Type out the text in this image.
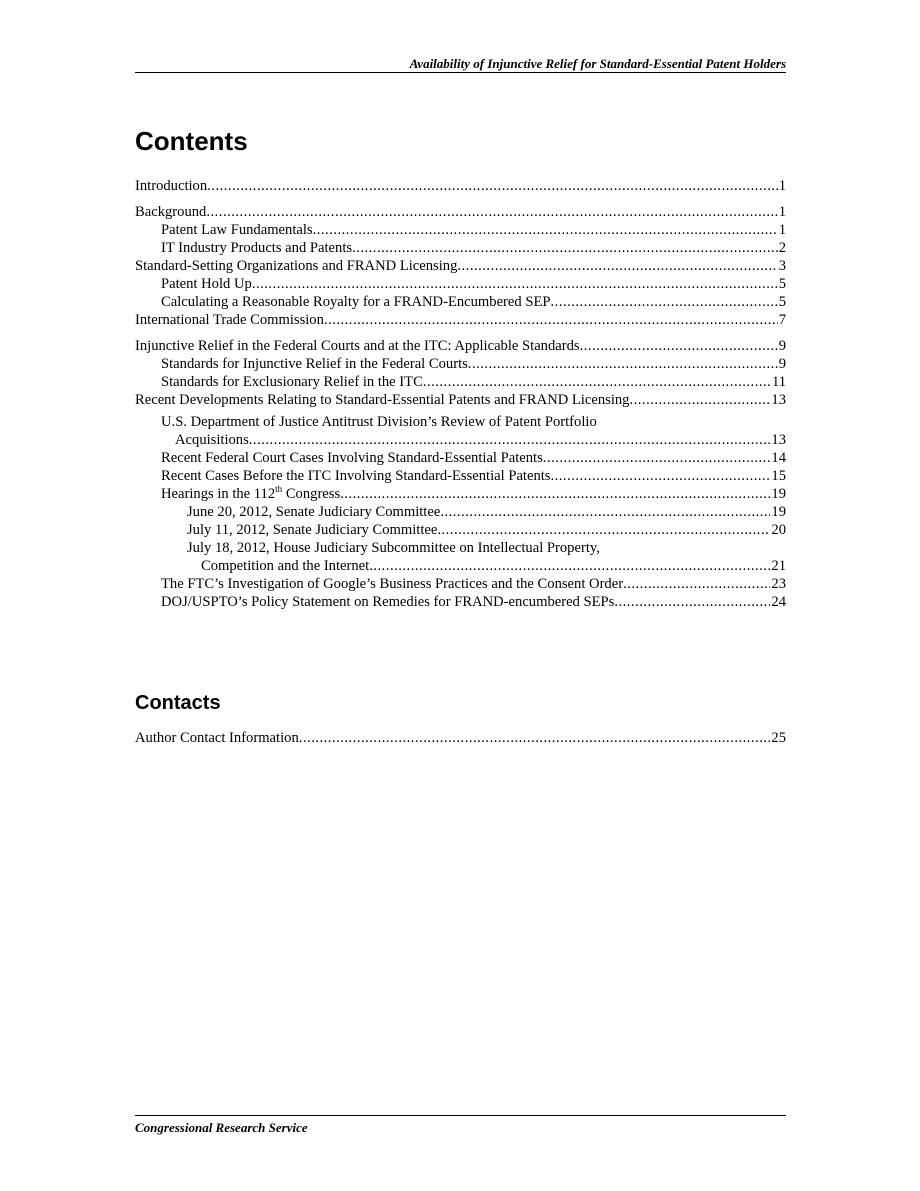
Availability of Injunctive Relief for Standard-Essential Patent Holders
Contents
Introduction .....	1
Background .....	1
Patent Law Fundamentals .....	1
IT Industry Products and Patents .....	2
Standard-Setting Organizations and FRAND Licensing .....	3
Patent Hold Up .....	5
Calculating a Reasonable Royalty for a FRAND-Encumbered SEP .....	5
International Trade Commission .....	7
Injunctive Relief in the Federal Courts and at the ITC: Applicable Standards .....	9
Standards for Injunctive Relief in the Federal Courts .....	9
Standards for Exclusionary Relief in the ITC .....	11
Recent Developments Relating to Standard-Essential Patents and FRAND Licensing .....	13
U.S. Department of Justice Antitrust Division’s Review of Patent Portfolio
Acquisitions .....	13
Recent Federal Court Cases Involving Standard-Essential Patents .....	14
Recent Cases Before the ITC Involving Standard-Essential Patents .....	15
Hearings in the 112th Congress .....	19
June 20, 2012, Senate Judiciary Committee .....	19
July 11, 2012, Senate Judiciary Committee .....	20
July 18, 2012, House Judiciary Subcommittee on Intellectual Property,
Competition and the Internet .....	21
The FTC’s Investigation of Google’s Business Practices and the Consent Order .....	23
DOJ/USPTO’s Policy Statement on Remedies for FRAND-encumbered SEPs .....	24
Contacts
Author Contact Information .....	25
Congressional Research Service
